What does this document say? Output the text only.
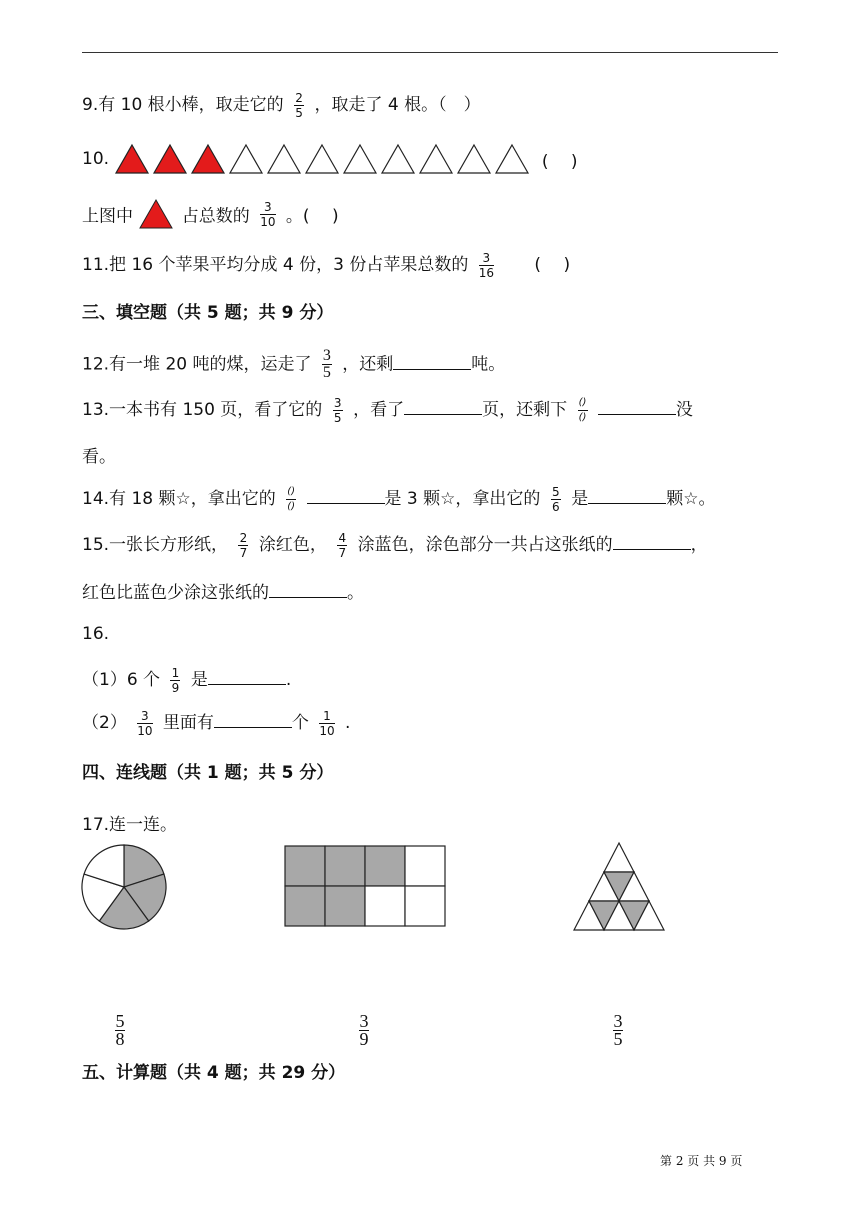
9.有 10 根小棒，取走它的 $\frac{2}{5}$ ，取走了 4 根。（　）
10.	(　 )
上图中	占总数的 $\frac{3}{10}$ 。(　 )
11.把 16 个苹果平均分成 4 份，3 份占苹果总数的 $\frac{3}{16}$ (　 )
三、填空题（共 5 题；共 9 分）
12.有一堆 20 吨的煤，运走了 $\frac{3}{5}$ ，还剩	吨。
13.一本书有 150 页，看了它的 $\frac{3}{5}$ ，看了	页，还剩下 $\frac{()}{()}$	没
看。
14.有 18 颗☆，拿出它的 $\frac{()}{()}$	是 3 颗☆，拿出它的 $\frac{5}{6}$ 是	颗☆。
15.一张长方形纸， $\frac{2}{7}$ 涂红色， $\frac{4}{7}$ 涂蓝色，涂色部分一共占这张纸的	，
红色比蓝色少涂这张纸的	。
16.
（1）6 个 $\frac{1}{9}$ 是	.
$(2) \frac{3}{10}$ 里面有	个 $\frac{1}{10}$ .
四、连线题（共 1 题；共 5 分）
17.连一连。
$\frac{5}{8}$	$\frac{3}{9}$	$\frac{3}{5}$
五、计算题（共 4 题；共 29 分）
第 2 页 共 9 页
